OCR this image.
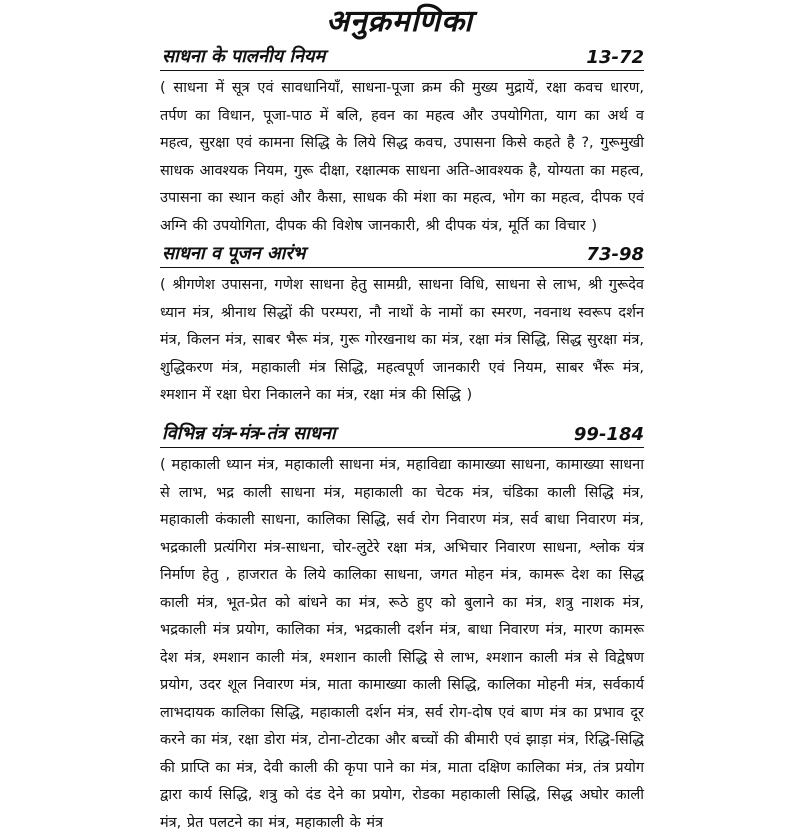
अनुक्रमणिका
साधना के पालनीय नियम	13-72
( साधना में सूत्र एवं सावधानियाँ, साधना-पूजा क्रम की मुख्य मुद्रायें, रक्षा कवच धारण, तर्पण का विधान, पूजा-पाठ में बलि, हवन का महत्व और उपयोगिता, याग का अर्थ व महत्व, सुरक्षा एवं कामना सिद्धि के लिये सिद्ध कवच, उपासना किसे कहते है ?, गुरूमुखी साधक आवश्यक नियम, गुरू दीक्षा, रक्षात्मक साधना अति-आवश्यक है, योग्यता का महत्व, उपासना का स्थान कहां और कैसा, साधक की मंशा का महत्व, भोग का महत्व, दीपक एवं अग्नि की उपयोगिता, दीपक की विशेष जानकारी, श्री दीपक यंत्र, मूर्ति का विचार )
साधना व पूजन आरंभ	73-98
( श्रीगणेश उपासना, गणेश साधना हेतु सामग्री, साधना विधि, साधना से लाभ, श्री गुरूदेव ध्यान मंत्र, श्रीनाथ सिद्धों की परम्परा, नौ नाथों के नामों का स्मरण, नवनाथ स्वरूप दर्शन मंत्र, किलन मंत्र, साबर भैरू मंत्र, गुरू गोरखनाथ का मंत्र, रक्षा मंत्र सिद्धि, सिद्ध सुरक्षा मंत्र, शुद्धिकरण मंत्र, महाकाली मंत्र सिद्धि, महत्वपूर्ण जानकारी एवं नियम, साबर भैंरू मंत्र, श्मशान में रक्षा घेरा निकालने का मंत्र, रक्षा मंत्र की सिद्धि )
विभिन्न यंत्र-मंत्र-तंत्र साधना	99-184
( महाकाली ध्यान मंत्र, महाकाली साधना मंत्र, महाविद्या कामाख्या साधना, कामाख्या साधना से लाभ, भद्र काली साधना मंत्र, महाकाली का चेटक मंत्र, चंडिका काली सिद्धि मंत्र, महाकाली कंकाली साधना, कालिका सिद्धि, सर्व रोग निवारण मंत्र, सर्व बाधा निवारण मंत्र, भद्रकाली प्रत्यंगिरा मंत्र-साधना, चोर-लुटेरे रक्षा मंत्र, अभिचार निवारण साधना, श्लोक यंत्र निर्माण हेतु , हाजरात के लिये कालिका साधना, जगत मोहन मंत्र, कामरू देश का सिद्ध काली मंत्र, भूत-प्रेत को बांधने का मंत्र, रूठे हुए को बुलाने का मंत्र, शत्रु नाशक मंत्र, भद्रकाली मंत्र प्रयोग, कालिका मंत्र, भद्रकाली दर्शन मंत्र, बाधा निवारण मंत्र, मारण कामरू देश मंत्र, श्मशान काली मंत्र, श्मशान काली सिद्धि से लाभ, श्मशान काली मंत्र से विद्वेषण प्रयोग, उदर शूल निवारण मंत्र, माता कामाख्या काली सिद्धि, कालिका मोहनी मंत्र, सर्वकार्य लाभदायक कालिका सिद्धि, महाकाली दर्शन मंत्र, सर्व रोग-दोष एवं बाण मंत्र का प्रभाव दूर करने का मंत्र, रक्षा डोरा मंत्र, टोना-टोटका और बच्चों की बीमारी एवं झाड़ा मंत्र, रिद्धि-सिद्धि की प्राप्ति का मंत्र, देवी काली की कृपा पाने का मंत्र, माता दक्षिण कालिका मंत्र, तंत्र प्रयोग द्वारा कार्य सिद्धि, शत्रु को दंड देने का प्रयोग, रोडका महाकाली सिद्धि, सिद्ध अघोर काली मंत्र, प्रेत पलटने का मंत्र, महाकाली के मंत्र
